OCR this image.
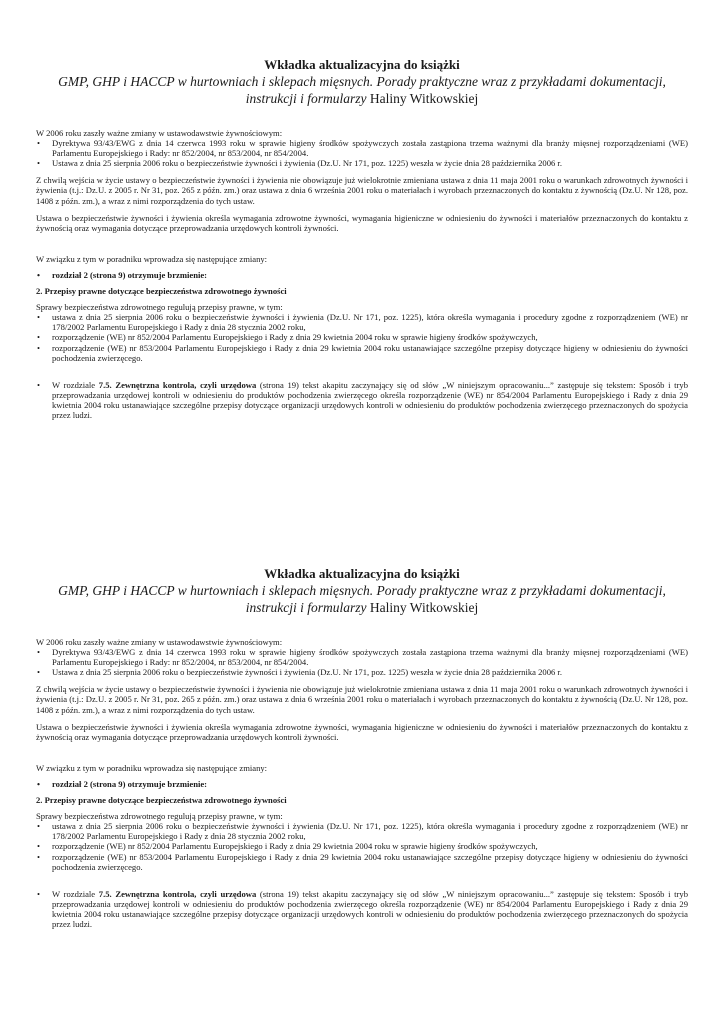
Wkładka aktualizacyjna do książki

GMP, GHP i HACCP w hurtowniach i sklepach mięsnych. Porady praktyczne wraz z przykładami dokumentacji,
instrukcji i formularzy Haliny Witkowskiej

W 2006 roku zaszły ważne zmiany w ustawodawstwie żywnościowym:

• Dyrektywa 93/43/EWG z dnia 14 czerwca 1993 roku w sprawie higieny środków spożywczych została zastąpiona trzema ważnymi dla branży mięsnej rozporządzeniami (WE) Parlamentu Europejskiego i Rady: nr 852/2004, nr 853/2004, nr 854/2004.
• Ustawa z dnia 25 sierpnia 2006 roku o bezpieczeństwie żywności i żywienia (Dz.U. Nr 171, poz. 1225) weszła w życie dnia 28 października 2006 r.

Z chwilą wejścia w życie ustawy o bezpieczeństwie żywności i żywienia nie obowiązuje już wielokrotnie zmieniana ustawa z dnia 11 maja 2001 roku o warunkach zdrowotnych żywności i żywienia (t.j.: Dz.U. z 2005 r. Nr 31, poz. 265 z późn. zm.) oraz ustawa z dnia 6 września 2001 roku o materiałach i wyrobach przeznaczonych do kontaktu z żywnością (Dz.U. Nr 128, poz. 1408 z późn. zm.), a wraz z nimi rozporządzenia do tych ustaw.

Ustawa o bezpieczeństwie żywności i żywienia określa wymagania zdrowotne żywności, wymagania higieniczne w odniesieniu do żywności i materiałów przeznaczonych do kontaktu z żywnością oraz wymagania dotyczące przeprowadzania urzędowych kontroli żywności.

W związku z tym w poradniku wprowadza się następujące zmiany:

• rozdział 2 (strona 9) otrzymuje brzmienie:

2. Przepisy prawne dotyczące bezpieczeństwa zdrowotnego żywności

Sprawy bezpieczeństwa zdrowotnego regulują przepisy prawne, w tym:

• ustawa z dnia 25 sierpnia 2006 roku o bezpieczeństwie żywności i żywienia (Dz.U. Nr 171, poz. 1225), która określa wymagania i procedury zgodne z rozporządzeniem (WE) nr 178/2002 Parlamentu Europejskiego i Rady z dnia 28 stycznia 2002 roku,
• rozporządzenie (WE) nr 852/2004 Parlamentu Europejskiego i Rady z dnia 29 kwietnia 2004 roku w sprawie higieny środków spożywczych,
• rozporządzenie (WE) nr 853/2004 Parlamentu Europejskiego i Rady z dnia 29 kwietnia 2004 roku ustanawiające szczególne przepisy dotyczące higieny w odniesieniu do żywności pochodzenia zwierzęcego.
• W rozdziale 7.5. Zewnętrzna kontrola, czyli urzędowa (strona 19) tekst akapitu zaczynający się od słów „W niniejszym opracowaniu...” zastępuje się tekstem: Sposób i tryb przeprowadzania urzędowej kontroli w odniesieniu do produktów pochodzenia zwierzęcego określa rozporządzenie (WE) nr 854/2004 Parlamentu Europejskiego i Rady z dnia 29 kwietnia 2004 roku ustanawiające szczególne przepisy dotyczące organizacji urzędowych kontroli w odniesieniu do produktów pochodzenia zwierzęcego przeznaczonych do spożycia przez ludzi.
Wkładka aktualizacyjna do książki

GMP, GHP i HACCP w hurtowniach i sklepach mięsnych. Porady praktyczne wraz z przykładami dokumentacji,
instrukcji i formularzy Haliny Witkowskiej

W 2006 roku zaszły ważne zmiany w ustawodawstwie żywnościowym:

• Dyrektywa 93/43/EWG z dnia 14 czerwca 1993 roku w sprawie higieny środków spożywczych została zastąpiona trzema ważnymi dla branży mięsnej rozporządzeniami (WE) Parlamentu Europejskiego i Rady: nr 852/2004, nr 853/2004, nr 854/2004.
• Ustawa z dnia 25 sierpnia 2006 roku o bezpieczeństwie żywności i żywienia (Dz.U. Nr 171, poz. 1225) weszła w życie dnia 28 października 2006 r.

Z chwilą wejścia w życie ustawy o bezpieczeństwie żywności i żywienia nie obowiązuje już wielokrotnie zmieniana ustawa z dnia 11 maja 2001 roku o warunkach zdrowotnych żywności i żywienia (t.j.: Dz.U. z 2005 r. Nr 31, poz. 265 z późn. zm.) oraz ustawa z dnia 6 września 2001 roku o materiałach i wyrobach przeznaczonych do kontaktu z żywnością (Dz.U. Nr 128, poz. 1408 z późn. zm.), a wraz z nimi rozporządzenia do tych ustaw.

Ustawa o bezpieczeństwie żywności i żywienia określa wymagania zdrowotne żywności, wymagania higieniczne w odniesieniu do żywności i materiałów przeznaczonych do kontaktu z żywnością oraz wymagania dotyczące przeprowadzania urzędowych kontroli żywności.

W związku z tym w poradniku wprowadza się następujące zmiany:

• rozdział 2 (strona 9) otrzymuje brzmienie:

2. Przepisy prawne dotyczące bezpieczeństwa zdrowotnego żywności

Sprawy bezpieczeństwa zdrowotnego regulują przepisy prawne, w tym:

• ustawa z dnia 25 sierpnia 2006 roku o bezpieczeństwie żywności i żywienia (Dz.U. Nr 171, poz. 1225), która określa wymagania i procedury zgodne z rozporządzeniem (WE) nr 178/2002 Parlamentu Europejskiego i Rady z dnia 28 stycznia 2002 roku,
• rozporządzenie (WE) nr 852/2004 Parlamentu Europejskiego i Rady z dnia 29 kwietnia 2004 roku w sprawie higieny środków spożywczych,
• rozporządzenie (WE) nr 853/2004 Parlamentu Europejskiego i Rady z dnia 29 kwietnia 2004 roku ustanawiające szczególne przepisy dotyczące higieny w odniesieniu do żywności pochodzenia zwierzęcego.
• W rozdziale 7.5. Zewnętrzna kontrola, czyli urzędowa (strona 19) tekst akapitu zaczynający się od słów „W niniejszym opracowaniu...” zastępuje się tekstem: Sposób i tryb przeprowadzania urzędowej kontroli w odniesieniu do produktów pochodzenia zwierzęcego określa rozporządzenie (WE) nr 854/2004 Parlamentu Europejskiego i Rady z dnia 29 kwietnia 2004 roku ustanawiające szczególne przepisy dotyczące organizacji urzędowych kontroli w odniesieniu do produktów pochodzenia zwierzęcego przeznaczonych do spożycia przez ludzi.
